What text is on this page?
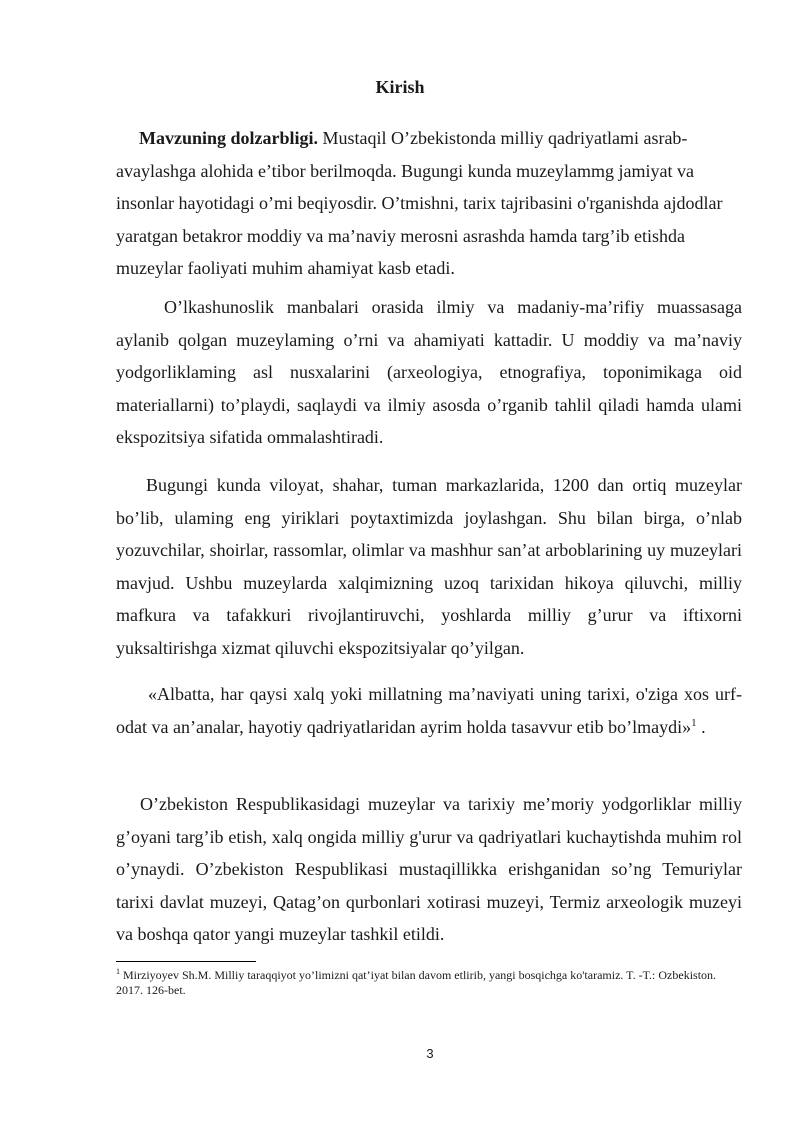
Kirish

Mavzuning dolzarbligi. Mustaqil O’zbekistonda milliy qadriyatlami asrab-avaylashga alohida e’tibor berilmoqda. Bugungi kunda muzeylammg jamiyat va insonlar hayotidagi o’mi beqiyosdir. O’tmishni, tarix tajribasini o'rganishda ajdodlar yaratgan betakror moddiy va ma’naviy merosni asrashda hamda targ’ib etishda muzeylar faoliyati muhim ahamiyat kasb etadi.

O’lkashunoslik manbalari orasida ilmiy va madaniy-ma’rifiy muassasaga aylanib qolgan muzeylaming o’rni va ahamiyati kattadir. U moddiy va ma’naviy yodgorliklaming asl nusxalarini (arxeologiya, etnografiya, toponimikaga oid materiallarni) to’playdi, saqlaydi va ilmiy asosda o’rganib tahlil qiladi hamda ulami ekspozitsiya sifatida ommalashtiradi.

Bugungi kunda viloyat, shahar, tuman markazlarida, 1200 dan ortiq muzeylar bo’lib, ulaming eng yiriklari poytaxtimizda joylashgan. Shu bilan birga, o’nlab yozuvchilar, shoirlar, rassomlar, olimlar va mashhur san’at arboblarining uy muzeylari mavjud. Ushbu muzeylarda xalqimizning uzoq tarixidan hikoya qiluvchi, milliy mafkura va tafakkuri rivojlantiruvchi, yoshlarda milliy g’urur va iftixorni yuksaltirishga xizmat qiluvchi ekspozitsiyalar qo’yilgan.

«Albatta, har qaysi xalq yoki millatning ma’naviyati uning tarixi, o'ziga xos urf-odat va an’analar, hayotiy qadriyatlaridan ayrim holda tasavvur etib bo’lmaydi»$^1$ .

O’zbekiston Respublikasidagi muzeylar va tarixiy me’moriy yodgorliklar milliy g’oyani targ’ib etish, xalq ongida milliy g'urur va qadriyatlari kuchaytishda muhim rol o’ynaydi. O’zbekiston Respublikasi mustaqillikka erishganidan so’ng Temuriylar tarixi davlat muzeyi, Qatag’on qurbonlari xotirasi muzeyi, Termiz arxeologik muzeyi va boshqa qator yangi muzeylar tashkil etildi.

$^1$ Mirziyoyev Sh.M. Milliy taraqqiyot yo’limizni qat’iyat bilan davom etlirib, yangi bosqichga ko'taramiz. T. -T.: Ozbekiston. 2017. 126-bet.

3
